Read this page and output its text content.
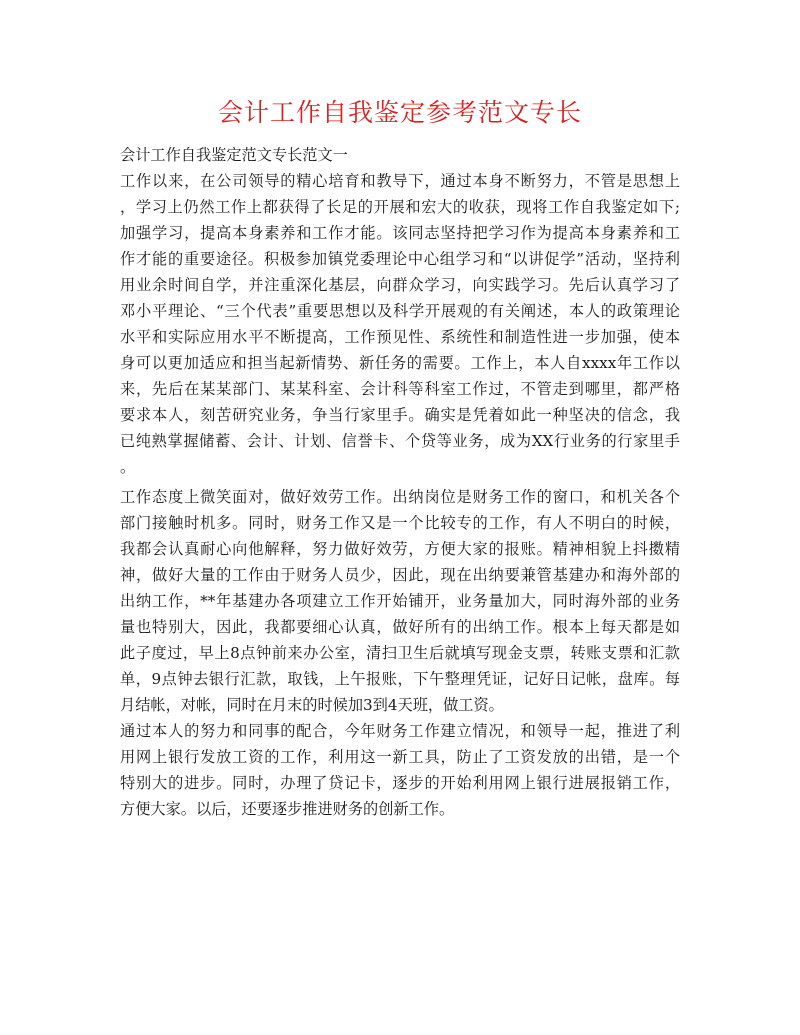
会计工作自我鉴定参考范文专长
会计工作自我鉴定范文专长范文一
工作以来，在公司领导的精心培育和教导下，通过本身不断努力，不管是思想上
，学习上仍然工作上都获得了长足的开展和宏大的收获，现将工作自我鉴定如下;
加强学习，提高本身素养和工作才能。该同志坚持把学习作为提高本身素养和工
作才能的重要途径。积极参加镇党委理论中心组学习和“以讲促学”活动，坚持利
用业余时间自学，并注重深化基层，向群众学习，向实践学习。先后认真学习了
邓小平理论、“三个代表”重要思想以及科学开展观的有关阐述，本人的政策理论
水平和实际应用水平不断提高，工作预见性、系统性和制造性进一步加强，使本
身可以更加适应和担当起新情势、新任务的需要。工作上，本人自xxxx年工作以
来，先后在某某部门、某某科室、会计科等科室工作过，不管走到哪里，都严格
要求本人，刻苦研究业务，争当行家里手。确实是凭着如此一种坚决的信念，我
已纯熟掌握储蓄、会计、计划、信誉卡、个贷等业务，成为XX行业务的行家里手
。
工作态度上微笑面对，做好效劳工作。出纳岗位是财务工作的窗口，和机关各个
部门接触时机多。同时，财务工作又是一个比较专的工作，有人不明白的时候，
我都会认真耐心向他解释，努力做好效劳，方便大家的报账。精神相貌上抖擞精
神，做好大量的工作由于财务人员少，因此，现在出纳要兼管基建办和海外部的
出纳工作，**年基建办各项建立工作开始铺开，业务量加大，同时海外部的业务
量也特别大，因此，我都要细心认真，做好所有的出纳工作。根本上每天都是如
此子度过，早上8点钟前来办公室，清扫卫生后就填写现金支票，转账支票和汇款
单，9点钟去银行汇款，取钱，上午报账，下午整理凭证，记好日记帐，盘库。每
月结帐，对帐，同时在月末的时候加3到4天班，做工资。
通过本人的努力和同事的配合，今年财务工作建立情况，和领导一起，推进了利
用网上银行发放工资的工作，利用这一新工具，防止了工资发放的出错，是一个
特别大的进步。同时，办理了贷记卡，逐步的开始利用网上银行进展报销工作，
方便大家。以后，还要逐步推进财务的创新工作。
